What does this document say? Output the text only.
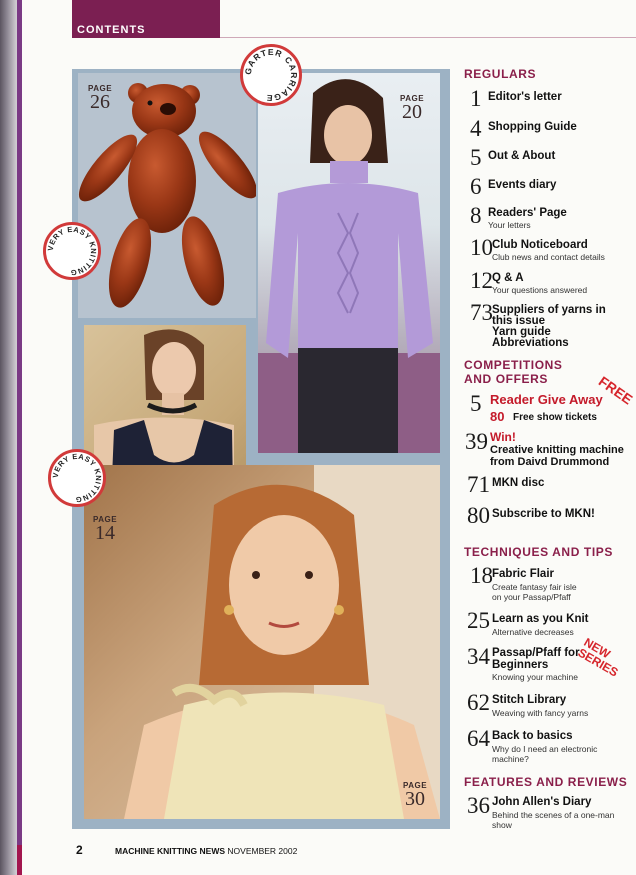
CONTENTS
PAGE
26	PAGE
20
PAGE
14
PAGE
30
GARTER CARRIAGE
VERY EASY KNITTING
VERY EASY KNITTING
REGULARS
1 Editor's letter
4 Shopping Guide
5 Out & About
6 Events diary
8 Readers' Page
Your letters
10 Club Noticeboard
Club news and contact details
12 Q & A
Your questions answered
73 Suppliers of yarns in
this issue
Yarn guide
Abbreviations
COMPETITIONS
AND OFFERS	FREE
5 Reader Give Away
80 Free show tickets
39 Win!
Creative knitting machine
from Daivd Drummond
71 MKN disc
80 Subscribe to MKN!
TECHNIQUES AND TIPS
18 Fabric Flair
Create fantasy fair isle
on your Passap/Pfaff
25 Learn as you Knit
Alternative decreases
34 Passap/Pfaff for
Beginners
Knowing your machine
NEW SERIES
62 Stitch Library
Weaving with fancy yarns
64 Back to basics
Why do I need an electronic
machine?
FEATURES AND REVIEWS
36 John Allen's Diary
Behind the scenes of a one-man
show
2	MACHINE KNITTING NEWS NOVEMBER 2002
